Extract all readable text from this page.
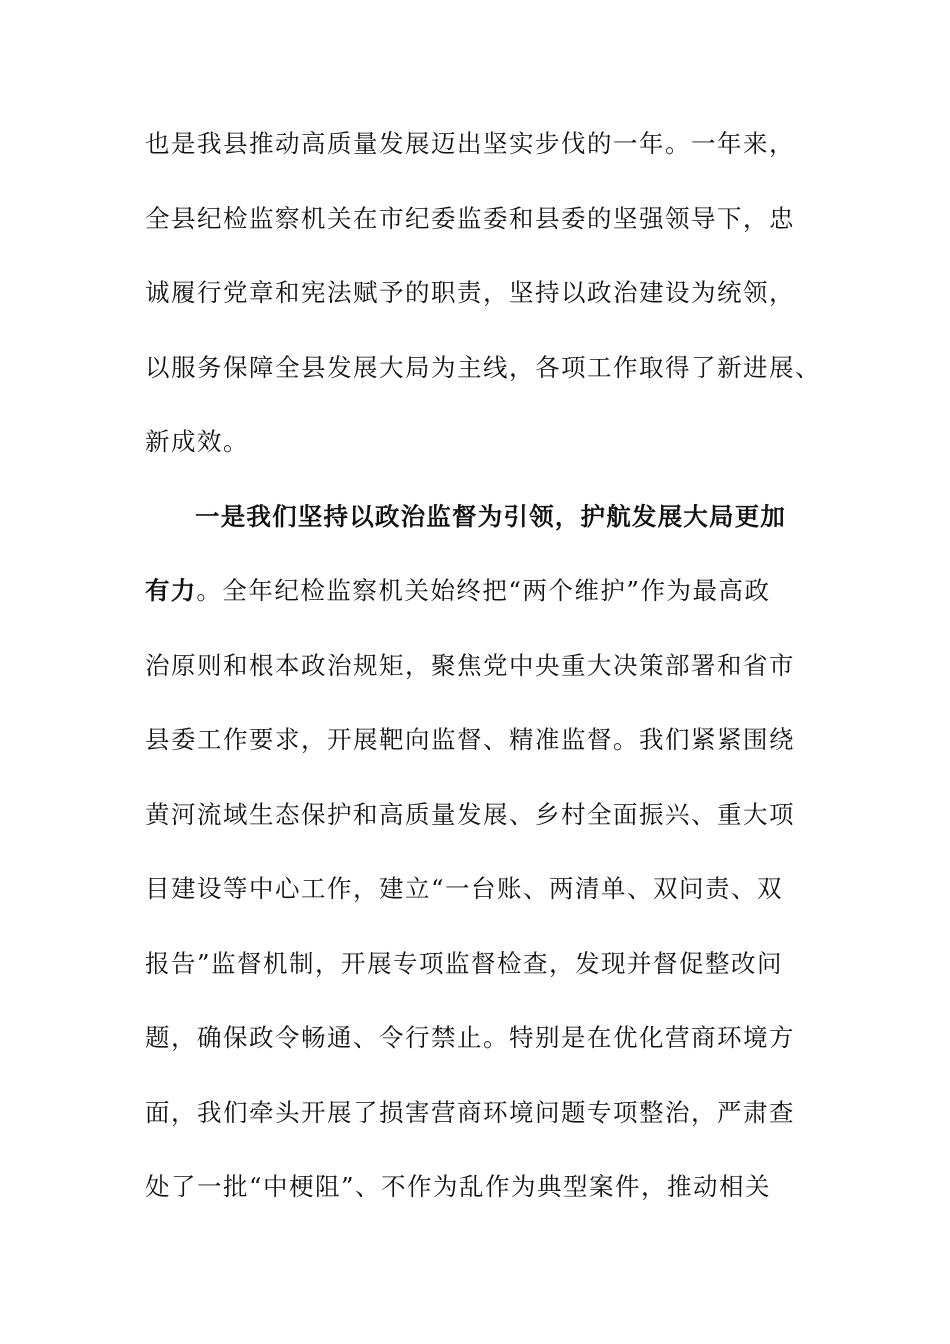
也是我县推动高质量发展迈出坚实步伐的一年。一年来，
全县纪检监察机关在市纪委监委和县委的坚强领导下，忠
诚履行党章和宪法赋予的职责，坚持以政治建设为统领，
以服务保障全县发展大局为主线，各项工作取得了新进展、
新成效。
一是我们坚持以政治监督为引领，护航发展大局更加
有力。全年纪检监察机关始终把“两个维护”作为最高政
治原则和根本政治规矩，聚焦党中央重大决策部署和省市
县委工作要求，开展靶向监督、精准监督。我们紧紧围绕
黄河流域生态保护和高质量发展、乡村全面振兴、重大项
目建设等中心工作，建立“一台账、两清单、双问责、双
报告”监督机制，开展专项监督检查，发现并督促整改问
题，确保政令畅通、令行禁止。特别是在优化营商环境方
面，我们牵头开展了损害营商环境问题专项整治，严肃查
处了一批“中梗阻”、不作为乱作为典型案件，推动相关
